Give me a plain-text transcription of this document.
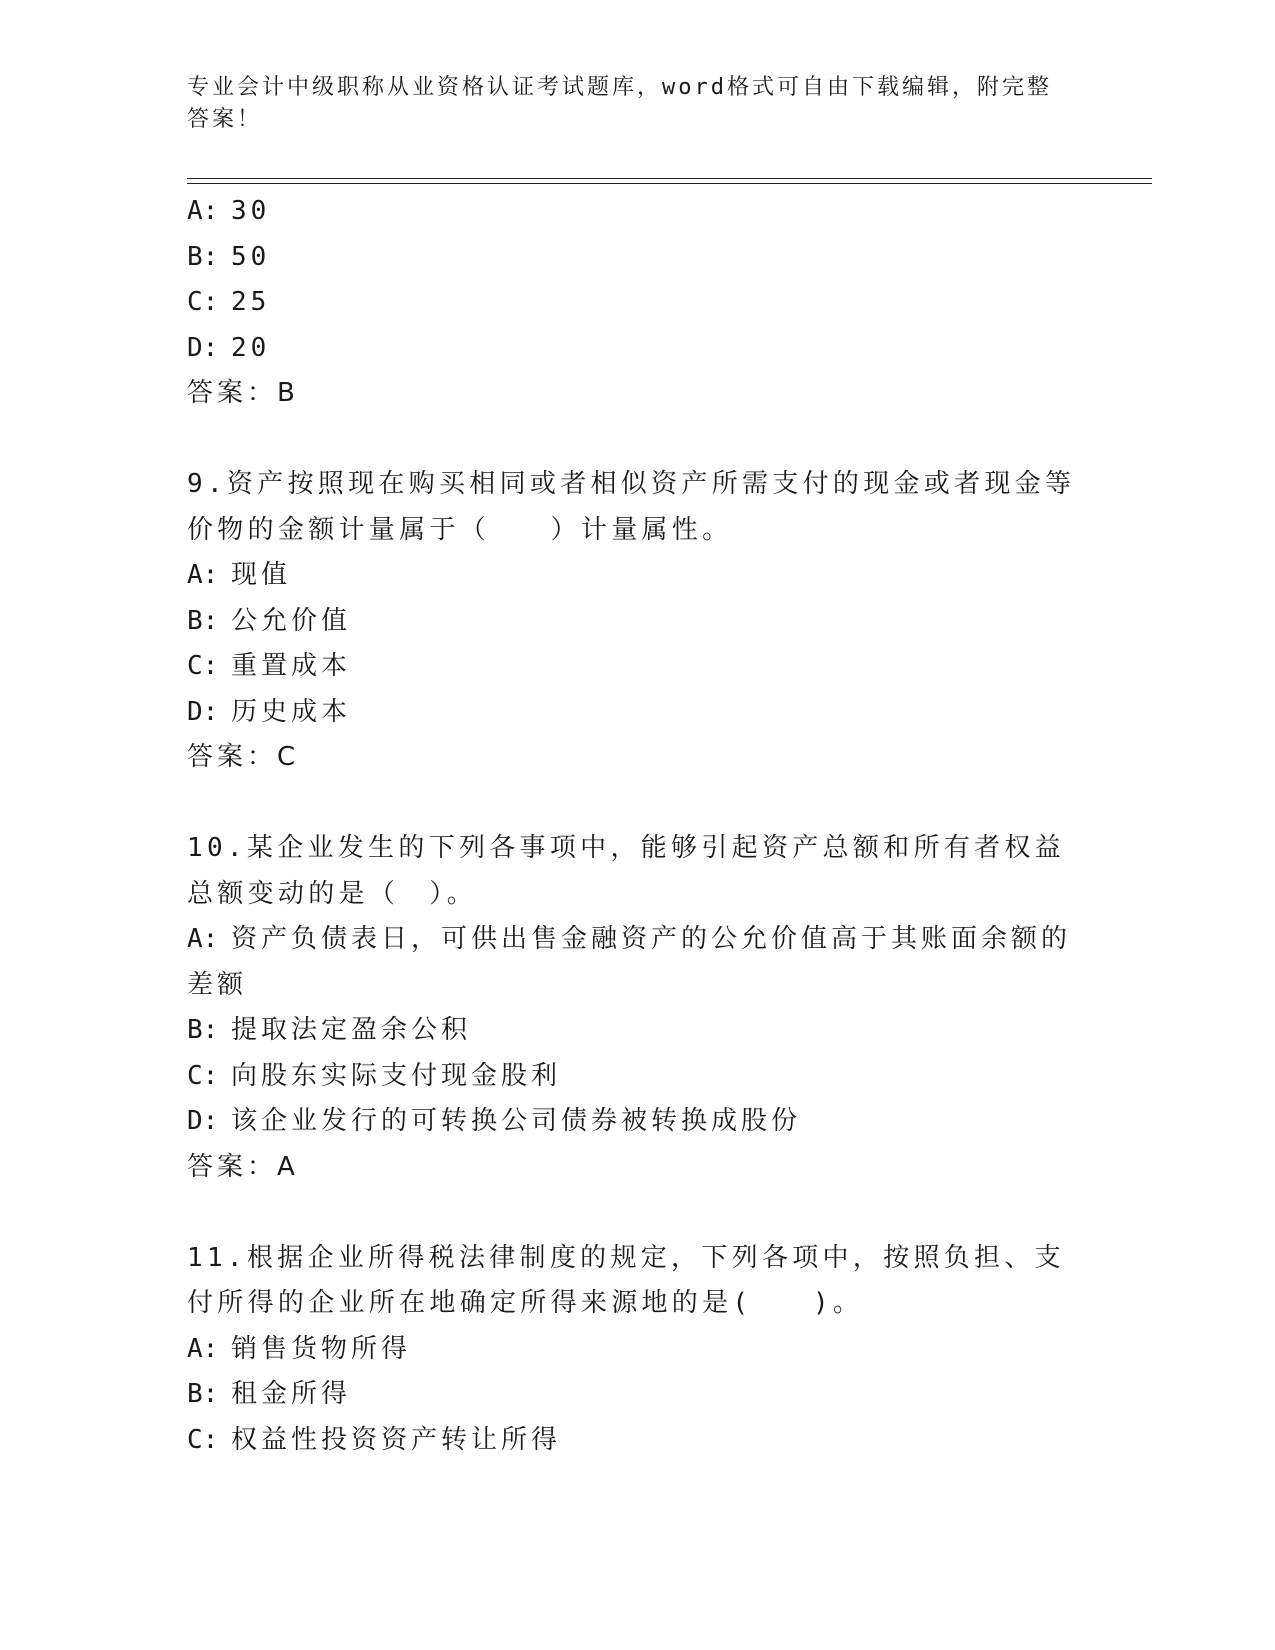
专业会计中级职称从业资格认证考试题库，word格式可自由下载编辑，附完整答案！
A: 30
B: 50
C: 25
D: 20
答案：B
9.资产按照现在购买相同或者相似资产所需支付的现金或者现金等价物的金额计量属于（　　）计量属性。
A: 现值
B: 公允价值
C: 重置成本
D: 历史成本
答案：C
10.某企业发生的下列各事项中，能够引起资产总额和所有者权益总额变动的是（　）。
A: 资产负债表日，可供出售金融资产的公允价值高于其账面余额的差额
B: 提取法定盈余公积
C: 向股东实际支付现金股利
D: 该企业发行的可转换公司债券被转换成股份
答案：A
11.根据企业所得税法律制度的规定，下列各项中，按照负担、支付所得的企业所在地确定所得来源地的是(　　)。
A: 销售货物所得
B: 租金所得
C: 权益性投资资产转让所得
